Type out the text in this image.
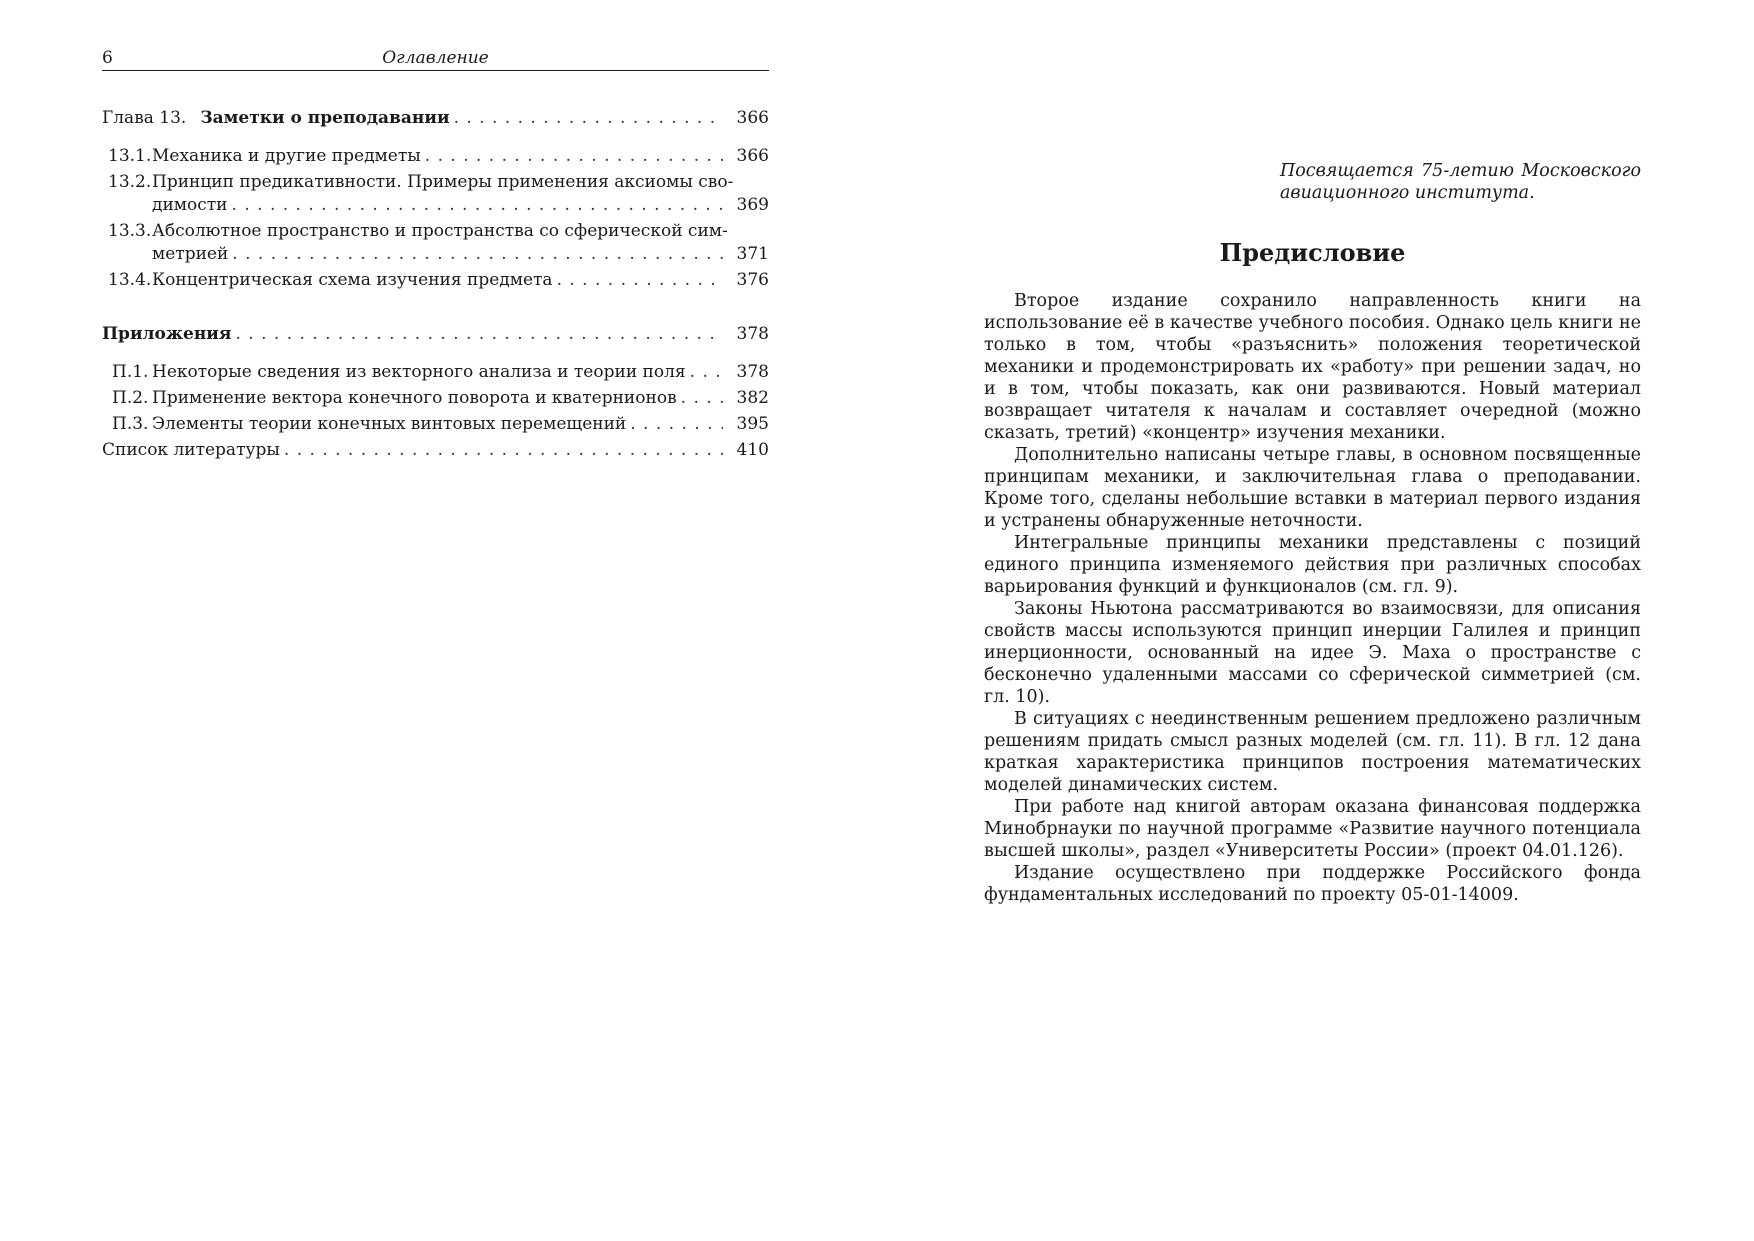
6	Оглавление
Глава 13. Заметки о преподавании . . .	366
13.1.Механика и другие предметы . . .	366
13.2. Принцип предикативности. Примеры применения аксиомы сво-
димости . . .	369
13.3. Абсолютное пространство и пространства со сферической сим-
метрией . . .	371
13.4.Концентрическая схема изучения предмета . . .	376
Приложения . . .	378
П.1. Некоторые сведения из векторного анализа и теории поля . . .	378
П.2. Применение вектора конечного поворота и кватернионов . . .	382
П.3. Элементы теории конечных винтовых перемещений . . .	395
Список литературы . . .	410
Посвящается 75-летию Московского авиационного института.
Предисловие

Второе издание сохранило направленность книги на использование её в качестве учебного пособия. Однако цель книги не только в том, чтобы «разъяснить» положения теоретической механики и продемонстрировать их «работу» при решении задач, но и в том, чтобы показать, как они развиваются. Новый материал возвращает читателя к началам и составляет очередной (можно сказать, третий) «концентр» изучения механики.

Дополнительно написаны четыре главы, в основном посвященные принципам механики, и заключительная глава о преподавании. Кроме того, сделаны небольшие вставки в материал первого издания и устранены обнаруженные неточности.

Интегральные принципы механики представлены с позиций единого принципа изменяемого действия при различных способах варьирования функций и функционалов (см. гл. 9).

Законы Ньютона рассматриваются во взаимосвязи, для описания свойств массы используются принцип инерции Галилея и принцип инерционности, основанный на идее Э. Маха о пространстве с бесконечно удаленными массами со сферической симметрией (см. гл. 10).

В ситуациях с неединственным решением предложено различным решениям придать смысл разных моделей (см. гл. 11). В гл. 12 дана краткая характеристика принципов построения математических моделей динамических систем.

При работе над книгой авторам оказана финансовая поддержка Минобрнауки по научной программе «Развитие научного потенциала высшей школы», раздел «Университеты России» (проект 04.01.126).

Издание осуществлено при поддержке Российского фонда фундаментальных исследований по проекту 05-01-14009.
